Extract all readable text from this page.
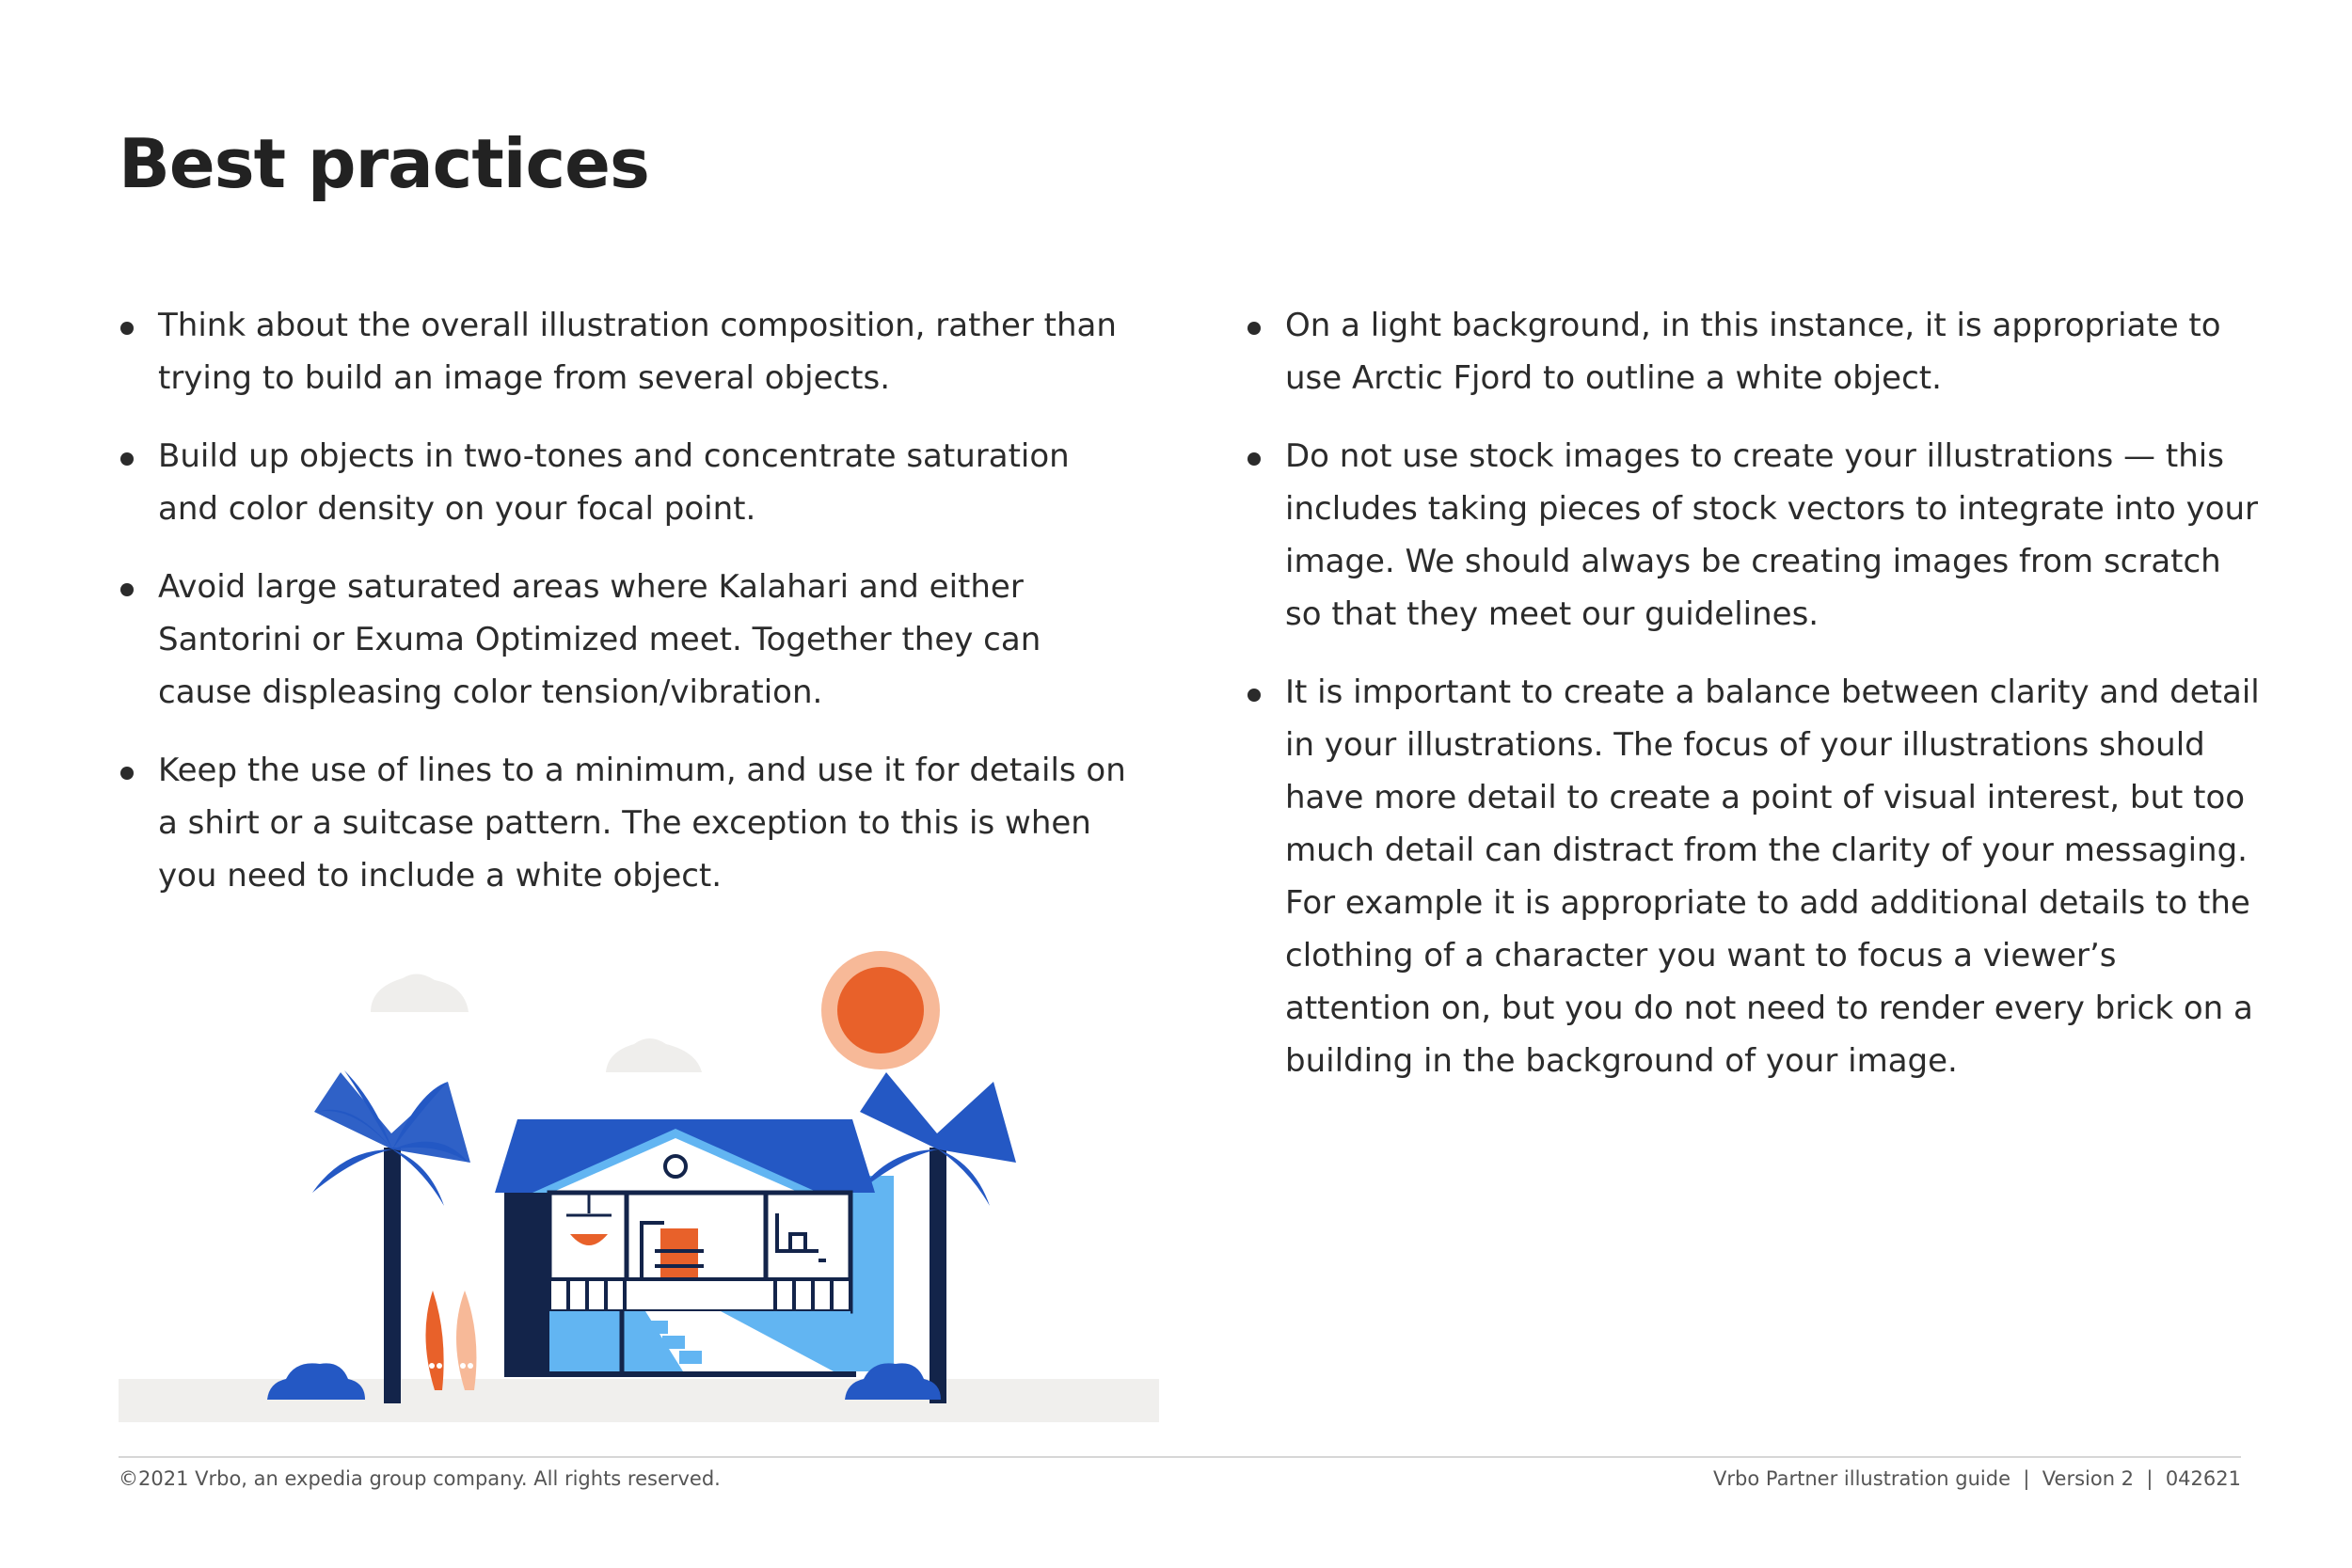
Best practices
Think about the overall illustration composition, rather than trying to build an image from several objects.
Build up objects in two-tones and concentrate saturation and color density on your focal point.
Avoid large saturated areas where Kalahari and either Santorini or Exuma Optimized meet. Together they can cause displeasing color tension/vibration.
Keep the use of lines to a minimum, and use it for details on a shirt or a suitcase pattern. The exception to this is when you need to include a white object.
On a light background, in this instance, it is appropriate to use Arctic Fjord to outline a white object.
Do not use stock images to create your illustrations — this includes taking pieces of stock vectors to integrate into your image. We should always be creating images from scratch so that they meet our guidelines.
It is important to create a balance between clarity and detail in your illustrations. The focus of your illustrations should have more detail to create a point of visual interest, but too much detail can distract from the clarity of your messaging. For example it is appropriate to add additional details to the clothing of a character you want to focus a viewer’s attention on, but you do not need to render every brick on a building in the background of your image.
©2021 Vrbo, an expedia group company. All rights reserved.	Vrbo Partner illustration guide  |  Version 2  |  042621
